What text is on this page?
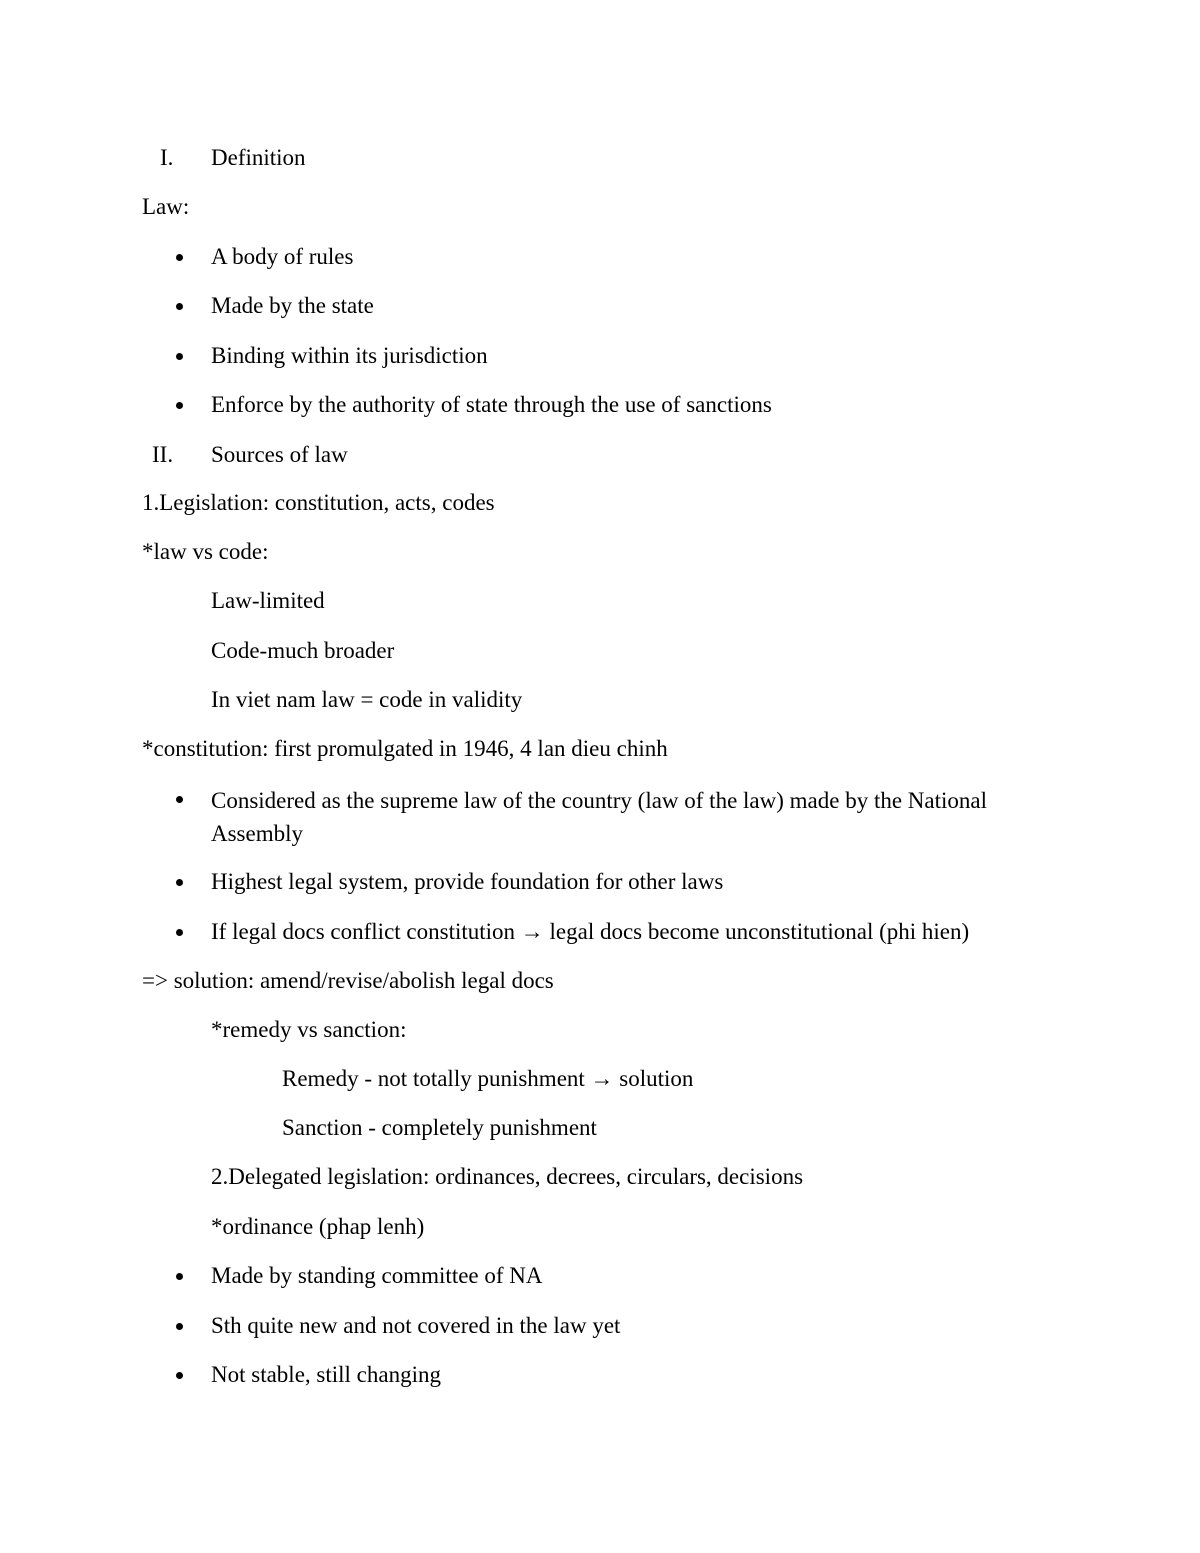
I. Definition
Law:
A body of rules
Made by the state
Binding within its jurisdiction
Enforce by the authority of state through the use of sanctions
II. Sources of law
1.Legislation: constitution, acts, codes
*law vs code:
Law-limited
Code-much broader
In viet nam law = code in validity
*constitution: first promulgated in 1946, 4 lan dieu chinh
Considered as the supreme law of the country (law of the law) made by the National Assembly
Highest legal system, provide foundation for other laws
If legal docs conflict constitution → legal docs become unconstitutional (phi hien)
=> solution: amend/revise/abolish legal docs
*remedy vs sanction:
Remedy - not totally punishment → solution
Sanction - completely punishment
2.Delegated legislation: ordinances, decrees, circulars, decisions
*ordinance (phap lenh)
Made by standing committee of NA
Sth quite new and not covered in the law yet
Not stable, still changing
